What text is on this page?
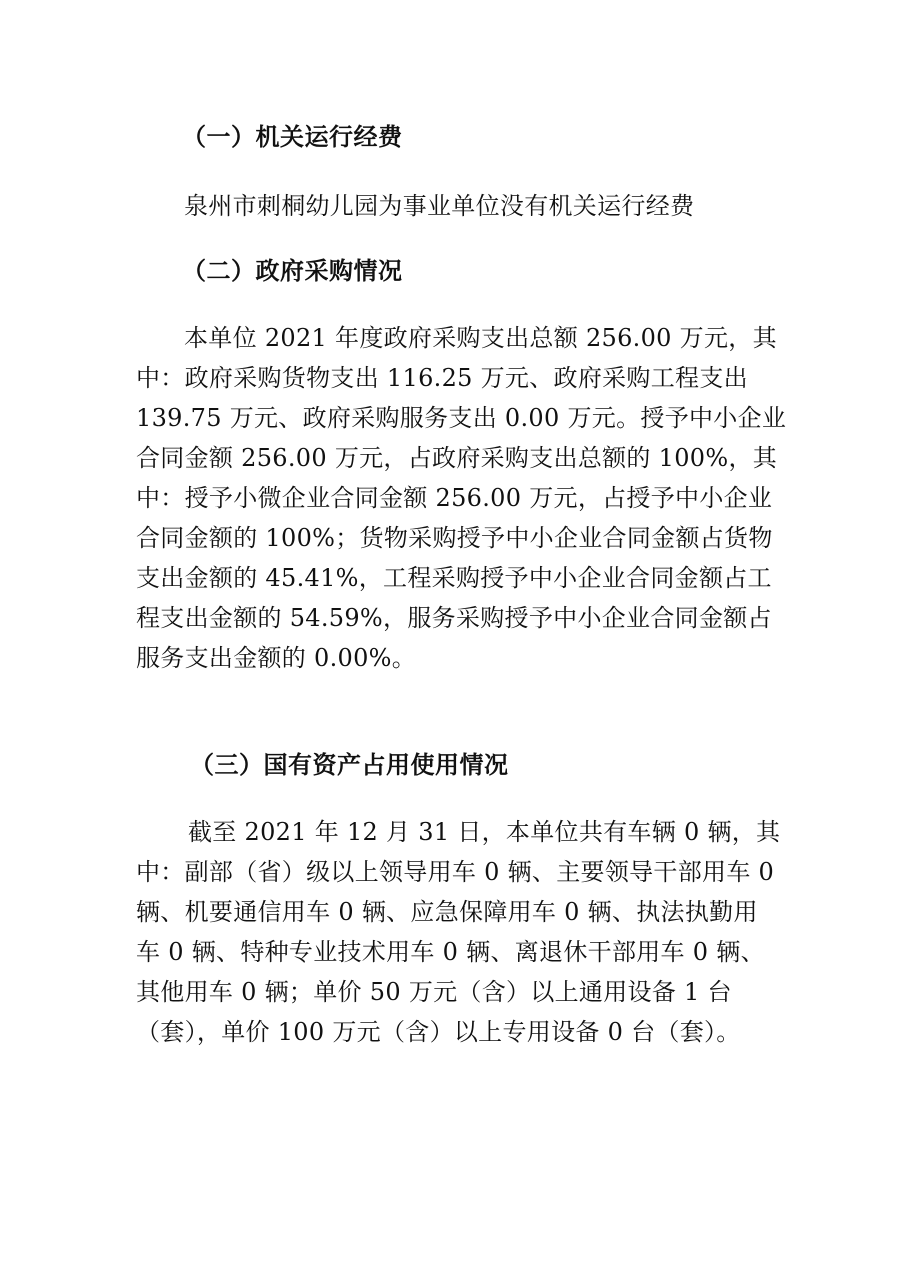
（一）机关运行经费
泉州市刺桐幼儿园为事业单位没有机关运行经费
（二）政府采购情况
本单位 2021 年度政府采购支出总额 256.00 万元，其
中：政府采购货物支出 116.25 万元、政府采购工程支出
139.75 万元、政府采购服务支出 0.00 万元。授予中小企业
合同金额 256.00 万元，占政府采购支出总额的 100%，其
中：授予小微企业合同金额 256.00 万元，占授予中小企业
合同金额的 100%；货物采购授予中小企业合同金额占货物
支出金额的 45.41%，工程采购授予中小企业合同金额占工
程支出金额的 54.59%，服务采购授予中小企业合同金额占
服务支出金额的 0.00%。
（三）国有资产占用使用情况
截至 2021 年 12 月 31 日，本单位共有车辆 0 辆，其
中：副部（省）级以上领导用车 0 辆、主要领导干部用车 0
辆、机要通信用车 0 辆、应急保障用车 0 辆、执法执勤用
车 0 辆、特种专业技术用车 0 辆、离退休干部用车 0 辆、
其他用车 0 辆；单价 50 万元（含）以上通用设备 1 台
（套），单价 100 万元（含）以上专用设备 0 台（套）。
